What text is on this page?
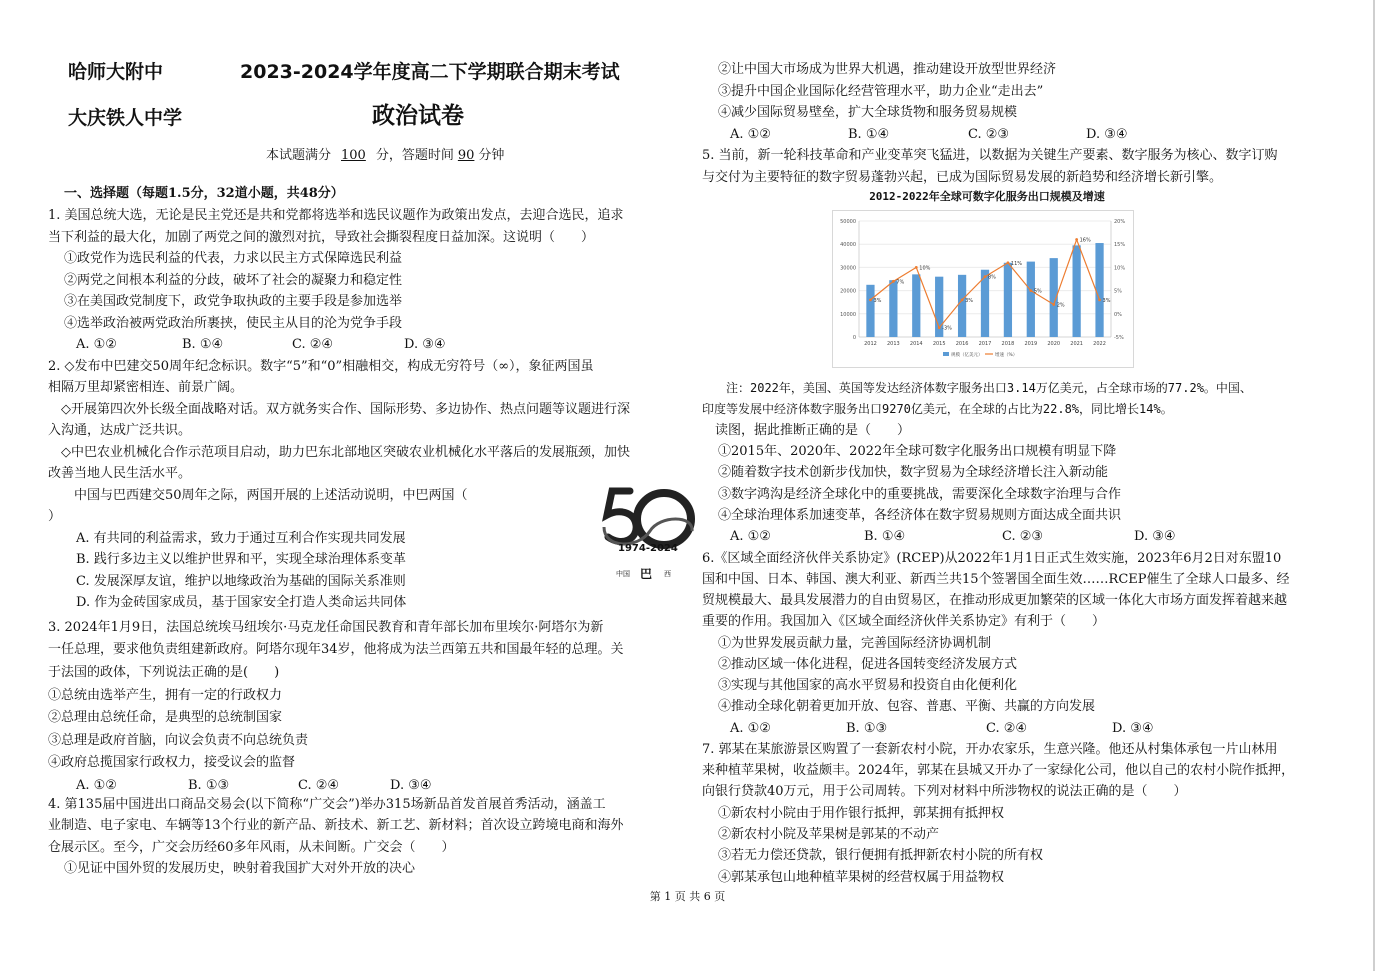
哈师大附中	2023-2024学年度高二下学期联合期末考试
大庆铁人中学	政治试卷
本试题满分 100 分，答题时间 90 分钟
一、选择题（每题1.5分，32道小题，共48分）
1. 美国总统大选，无论是民主党还是共和党都将选举和选民议题作为政策出发点，去迎合选民，追求
当下利益的最大化，加剧了两党之间的激烈对抗，导致社会撕裂程度日益加深。这说明（　　）
①政党作为选民利益的代表，力求以民主方式保障选民利益
②两党之间根本利益的分歧，破坏了社会的凝聚力和稳定性
③在美国政党制度下，政党争取执政的主要手段是参加选举
④选举政治被两党政治所裹挟，使民主从目的沦为党争手段
A. ①②	B. ①④	C. ②④	D. ③④
2. ◇发布中巴建交50周年纪念标识。数字“5”和“0”相融相交，构成无穷符号（∞），象征两国虽
相隔万里却紧密相连、前景广阔。
　◇开展第四次外长级全面战略对话。双方就务实合作、国际形势、多边协作、热点问题等议题进行深
入沟通，达成广泛共识。
　◇中巴农业机械化合作示范项目启动，助力巴东北部地区突破农业机械化水平落后的发展瓶颈，加快
改善当地人民生活水平。
　　中国与巴西建交50周年之际，两国开展的上述活动说明，中巴两国（
）
A. 有共同的利益需求，致力于通过互利合作实现共同发展
B. 践行多边主义以维护世界和平，实现全球治理体系变革
C. 发展深厚友谊，维护以地缘政治为基础的国际关系准则
D. 作为金砖国家成员，基于国家安全打造人类命运共同体
3. 2024年1月9日，法国总统埃马纽埃尔·马克龙任命国民教育和青年部长加布里埃尔·阿塔尔为新
一任总理，要求他负责组建新政府。阿塔尔现年34岁，他将成为法兰西第五共和国最年轻的总理。关
于法国的政体，下列说法正确的是(　　)
①总统由选举产生，拥有一定的行政权力
②总理由总统任命，是典型的总统制国家
③总理是政府首脑，向议会负责不向总统负责
④政府总揽国家行政权力，接受议会的监督
A. ①②	B. ①③	C. ②④	D. ③④
4. 第135届中国进出口商品交易会(以下简称“广交会”)举办315场新品首发首展首秀活动，涵盖工
业制造、电子家电、车辆等13个行业的新产品、新技术、新工艺、新材料；首次设立跨境电商和海外
仓展示区。至今，广交会历经60多年风雨，从未间断。广交会（　　）
①见证中国外贸的发展历史，映射着我国扩大对外开放的决心
1974-2024
中国 巴 西
②让中国大市场成为世界大机遇，推动建设开放型世界经济
③提升中国企业国际化经营管理水平，助力企业“走出去”
④减少国际贸易壁垒，扩大全球货物和服务贸易规模
A. ①②	B. ①④	C. ②③	D. ③④
5. 当前，新一轮科技革命和产业变革突飞猛进，以数据为关键生产要素、数字服务为核心、数字订购
与交付为主要特征的数字贸易蓬勃兴起，已成为国际贸易发展的新趋势和经济增长新引擎。
2012-2022年全球可数字化服务出口规模及增速
0
10000
20000
30000
40000
50000
-5%
0%
5%
10%
15%
20%
2012 2013 2014 2015 2016 2017 2018 2019 2020 2021 2022
3%
7%
10%
-3%
3%
8%
11%
5%
2%
16%
3%
规模（亿美元）	增速（%）
　　注：2022年，美国、英国等发达经济体数字服务出口3.14万亿美元，占全球市场的77.2%。中国、
印度等发展中经济体数字服务出口9270亿美元，在全球的占比为22.8%，同比增长14%。
　读图，据此推断正确的是（　　）
①2015年、2020年、2022年全球可数字化服务出口规模有明显下降
②随着数字技术创新步伐加快，数字贸易为全球经济增长注入新动能
③数字鸿沟是经济全球化中的重要挑战，需要深化全球数字治理与合作
④全球治理体系加速变革，各经济体在数字贸易规则方面达成全面共识
A. ①②	B. ①④	C. ②③	D. ③④
6.《区域全面经济伙伴关系协定》(RCEP)从2022年1月1日正式生效实施，2023年6月2日对东盟10
国和中国、日本、韩国、澳大利亚、新西兰共15个签署国全面生效……RCEP催生了全球人口最多、经
贸规模最大、最具发展潜力的自由贸易区，在推动形成更加繁荣的区域一体化大市场方面发挥着越来越
重要的作用。我国加入《区域全面经济伙伴关系协定》有利于（　　）
①为世界发展贡献力量，完善国际经济协调机制
②推动区域一体化进程，促进各国转变经济发展方式
③实现与其他国家的高水平贸易和投资自由化便利化
④推动全球化朝着更加开放、包容、普惠、平衡、共赢的方向发展
A. ①②	B. ①③	C. ②④	D. ③④
7. 郭某在某旅游景区购置了一套新农村小院，开办农家乐，生意兴隆。他还从村集体承包一片山林用
来种植苹果树，收益颇丰。2024年，郭某在县城又开办了一家绿化公司，他以自己的农村小院作抵押，
向银行贷款40万元，用于公司周转。下列对材料中所涉物权的说法正确的是（　　）
①新农村小院由于用作银行抵押，郭某拥有抵押权
②新农村小院及苹果树是郭某的不动产
③若无力偿还贷款，银行便拥有抵押新农村小院的所有权
④郭某承包山地种植苹果树的经营权属于用益物权
第 1 页 共 6 页
